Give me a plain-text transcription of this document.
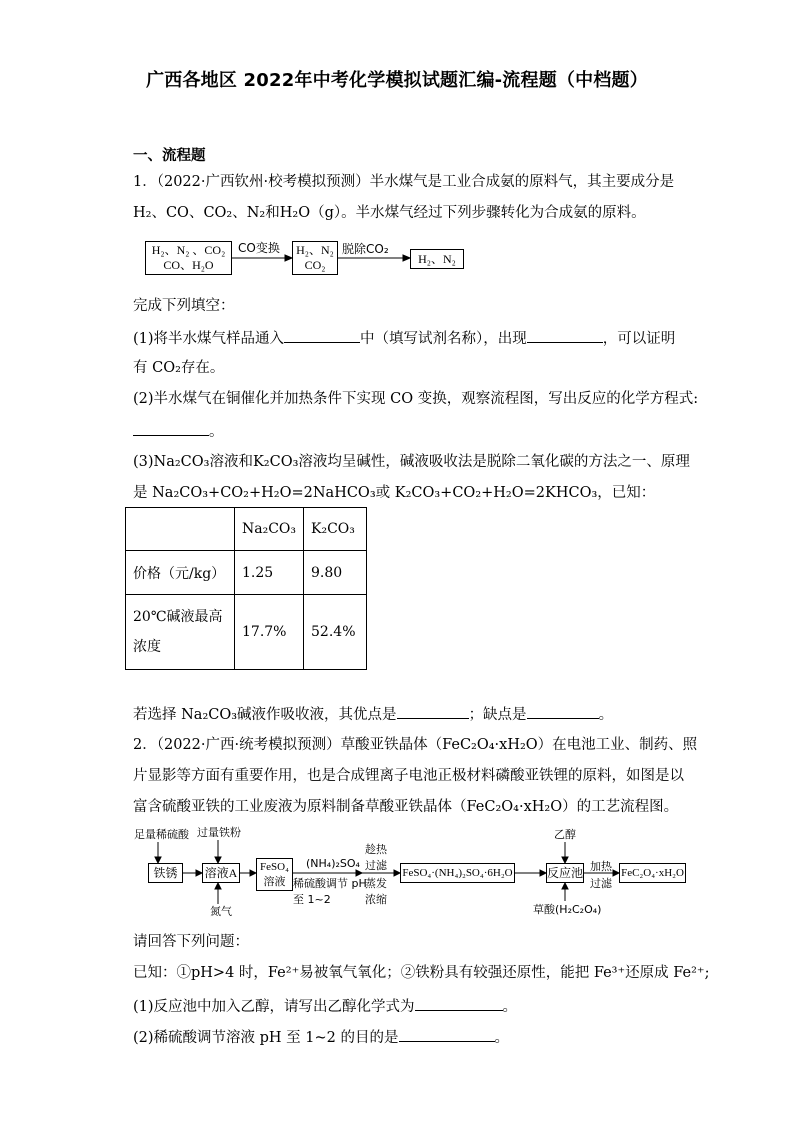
广西各地区 2022年中考化学模拟试题汇编-流程题（中档题）
一、流程题
1．（2022·广西钦州·校考模拟预测）半水煤气是工业合成氨的原料气，其主要成分是
H₂、CO、CO₂、N₂和H₂O（g）。半水煤气经过下列步骤转化为合成氨的原料。
H₂、N₂ 、CO₂
CO、H₂O
CO变换 H₂、N₂
CO₂
脱除CO₂
H₂、N₂
完成下列填空：
(1)将半水煤气样品通入	中（填写试剂名称），出现	，可以证明
有 CO₂存在。
(2)半水煤气在铜催化并加热条件下实现 CO 变换，观察流程图，写出反应的化学方程式:
。
(3)Na₂CO₃溶液和K₂CO₃溶液均呈碱性，碱液吸收法是脱除二氧化碳的方法之一、原理
是 Na₂CO₃+CO₂+H₂O=2NaHCO₃或 K₂CO₃+CO₂+H₂O=2KHCO₃，已知：
	Na₂CO₃	K₂CO₃
价格（元/kg）	1.25	9.80

20℃碱液最高
浓度	17.7%	52.4%
若选择 Na₂CO₃碱液作吸收液，其优点是	；缺点是	。
2．（2022·广西·统考模拟预测）草酸亚铁晶体（FeC₂O₄·xH₂O）在电池工业、制药、照
片显影等方面有重要作用，也是合成锂离子电池正极材料磷酸亚铁锂的原料，如图是以
富含硫酸亚铁的工业废液为原料制备草酸亚铁晶体（FeC₂O₄·xH₂O）的工艺流程图。
足量稀硫酸 过量铁粉
铁锈	溶液A
氮气
FeSO₄
溶液
(NH₄)₂SO₄
稀硫酸调节 pH
至 1~2
趁热
过滤
蒸发
浓缩
FeSO₄·(NH₄)₂SO₄·6H₂O
乙醇
反应池
草酸(H₂C₂O₄)
加热
过滤
FeC₂O₄·xH₂O
请回答下列问题：
已知：①pH>4 时，Fe²⁺易被氧气氧化；②铁粉具有较强还原性，能把 Fe³⁺还原成 Fe²⁺;
(1)反应池中加入乙醇，请写出乙醇化学式为	。
(2)稀硫酸调节溶液 pH 至 1~2 的目的是	。
